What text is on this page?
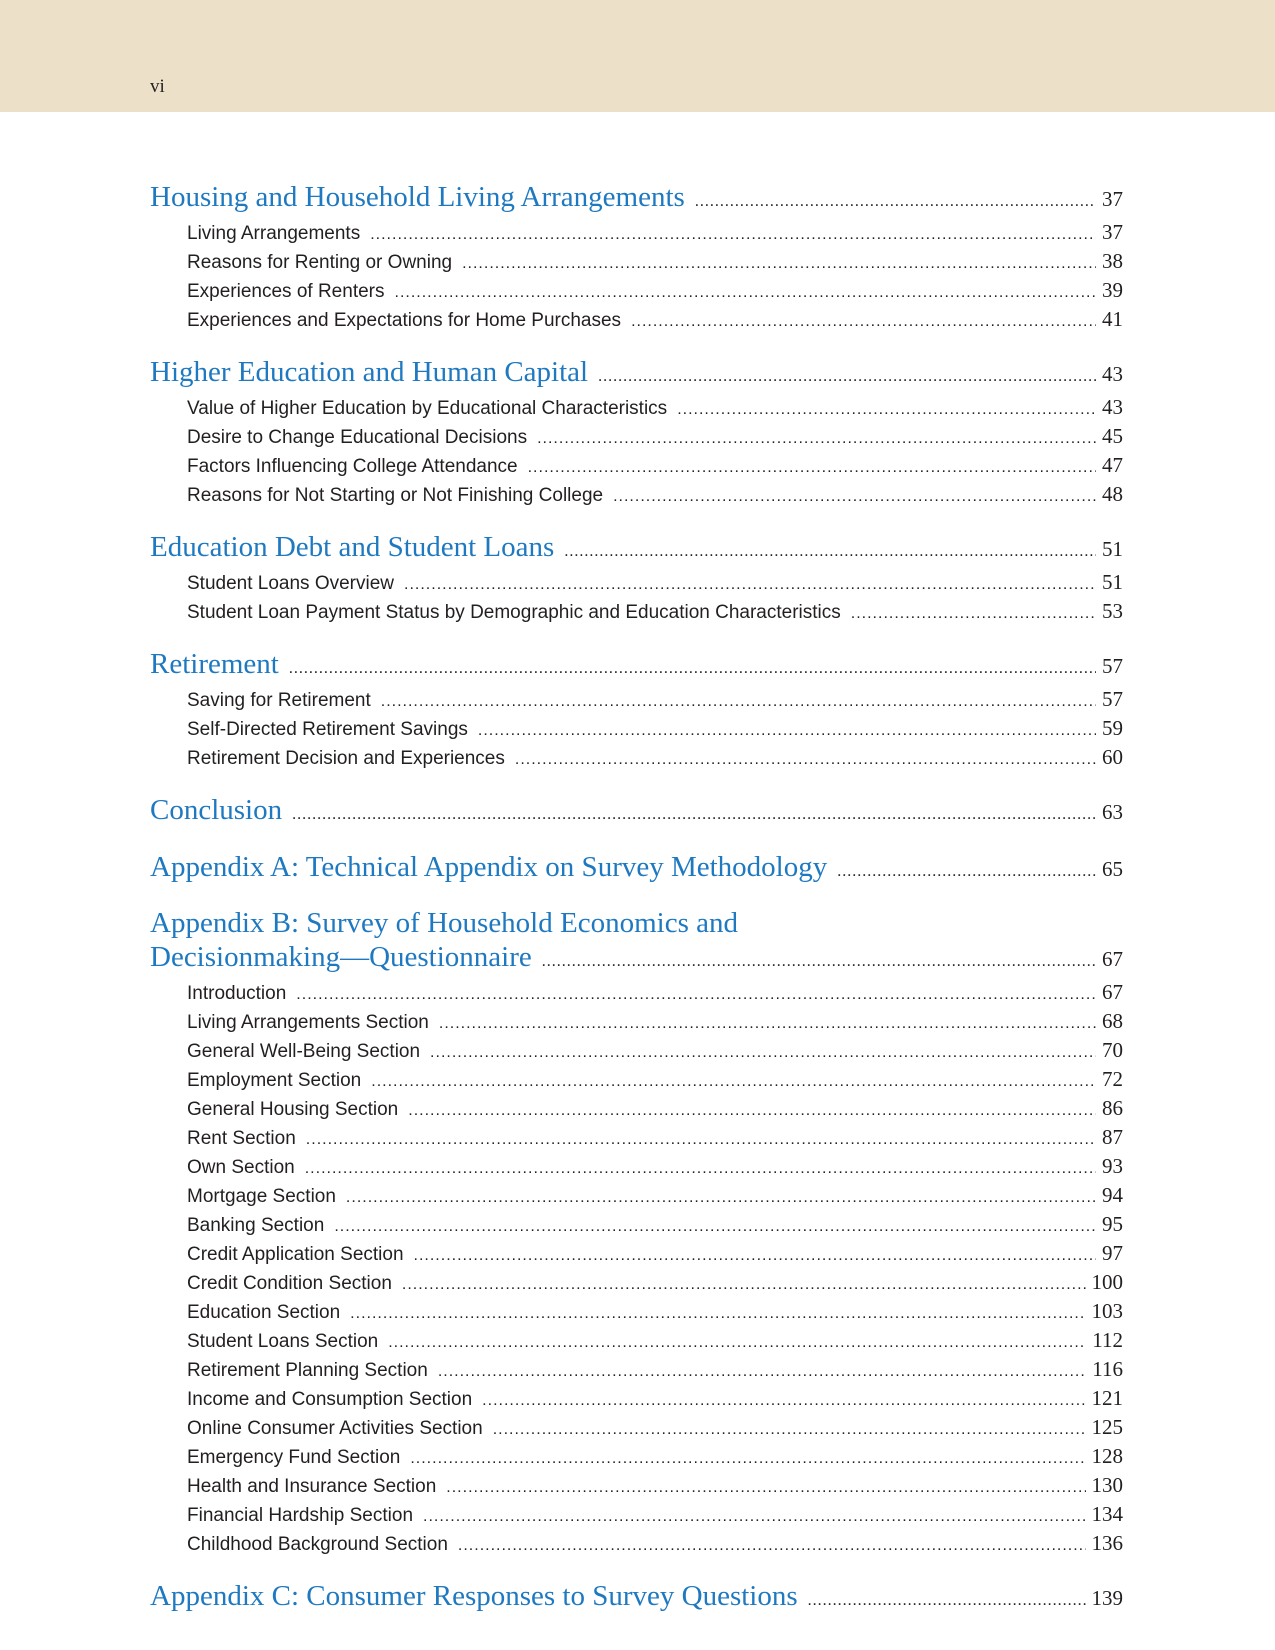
vi
Housing and Household Living Arrangements .....	37
Living Arrangements .....	37
Reasons for Renting or Owning .....	38
Experiences of Renters .....	39
Experiences and Expectations for Home Purchases .....	41
Higher Education and Human Capital .....	43
Value of Higher Education by Educational Characteristics .....	43
Desire to Change Educational Decisions .....	45
Factors Influencing College Attendance .....	47
Reasons for Not Starting or Not Finishing College .....	48
Education Debt and Student Loans .....	51
Student Loans Overview .....	51
Student Loan Payment Status by Demographic and Education Characteristics .....	53
Retirement .....	57
Saving for Retirement .....	57
Self-Directed Retirement Savings .....	59
Retirement Decision and Experiences .....	60
Conclusion .....	63
Appendix A: Technical Appendix on Survey Methodology .....	65
Appendix B: Survey of Household Economics and
Decisionmaking—Questionnaire .....	67
Introduction .....	67
Living Arrangements Section .....	68
General Well-Being Section .....	70
Employment Section .....	72
General Housing Section .....	86
Rent Section .....	87
Own Section .....	93
Mortgage Section .....	94
Banking Section .....	95
Credit Application Section .....	97
Credit Condition Section .....	100
Education Section .....	103
Student Loans Section .....	112
Retirement Planning Section .....	116
Income and Consumption Section .....	121
Online Consumer Activities Section .....	125
Emergency Fund Section .....	128
Health and Insurance Section .....	130
Financial Hardship Section .....	134
Childhood Background Section .....	136
Appendix C: Consumer Responses to Survey Questions .....	139
